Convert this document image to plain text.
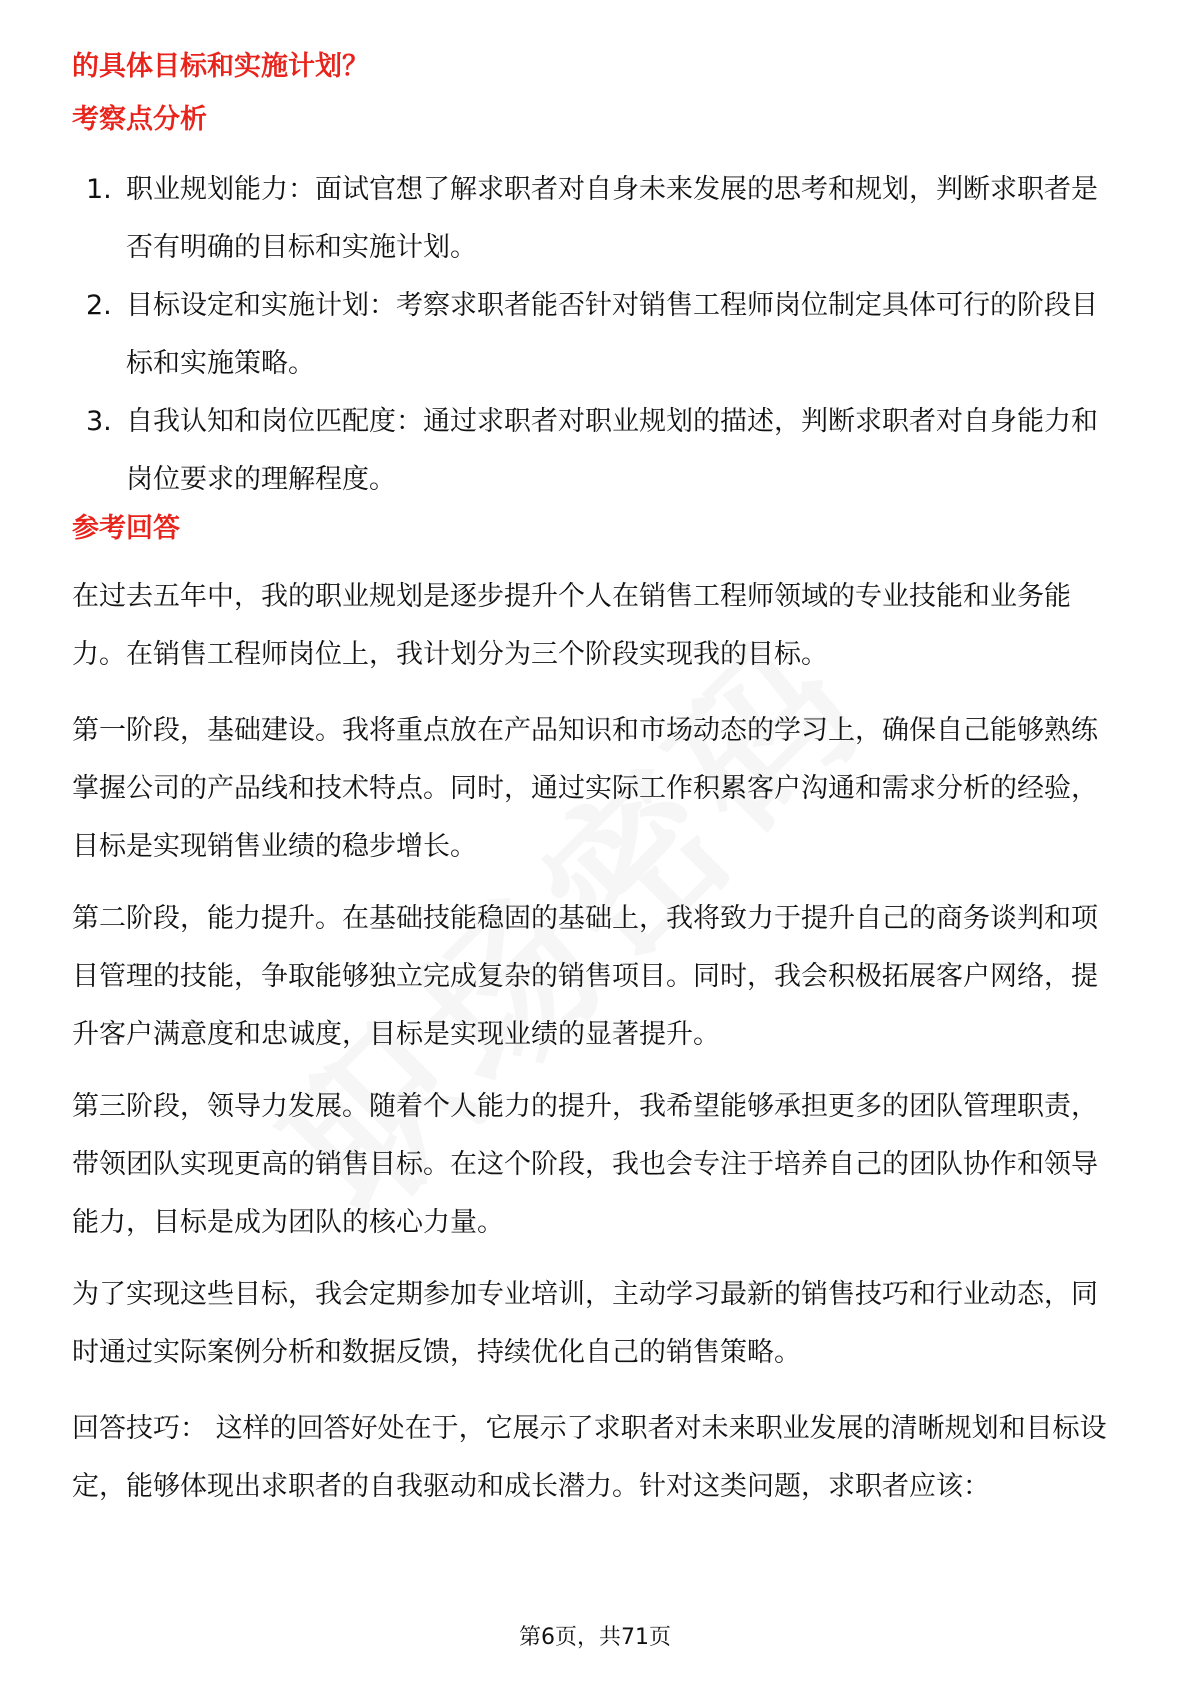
的具体目标和实施计划？
考察点分析
1. 职业规划能力：面试官想了解求职者对自身未来发展的思考和规划，判断求职者是否有明确的目标和实施计划。
2. 目标设定和实施计划：考察求职者能否针对销售工程师岗位制定具体可行的阶段目标和实施策略。
3. 自我认知和岗位匹配度：通过求职者对职业规划的描述，判断求职者对自身能力和岗位要求的理解程度。
参考回答

在过去五年中，我的职业规划是逐步提升个人在销售工程师领域的专业技能和业务能力。在销售工程师岗位上，我计划分为三个阶段实现我的目标。

第一阶段，基础建设。我将重点放在产品知识和市场动态的学习上，确保自己能够熟练掌握公司的产品线和技术特点。同时，通过实际工作积累客户沟通和需求分析的经验，目标是实现销售业绩的稳步增长。

第二阶段，能力提升。在基础技能稳固的基础上，我将致力于提升自己的商务谈判和项目管理的技能，争取能够独立完成复杂的销售项目。同时，我会积极拓展客户网络，提升客户满意度和忠诚度，目标是实现业绩的显著提升。

第三阶段，领导力发展。随着个人能力的提升，我希望能够承担更多的团队管理职责，带领团队实现更高的销售目标。在这个阶段，我也会专注于培养自己的团队协作和领导能力，目标是成为团队的核心力量。

为了实现这些目标，我会定期参加专业培训，主动学习最新的销售技巧和行业动态，同时通过实际案例分析和数据反馈，持续优化自己的销售策略。

回答技巧： 这样的回答好处在于，它展示了求职者对未来职业发展的清晰规划和目标设定，能够体现出求职者的自我驱动和成长潜力。针对这类问题，求职者应该：

第6页，共71页
